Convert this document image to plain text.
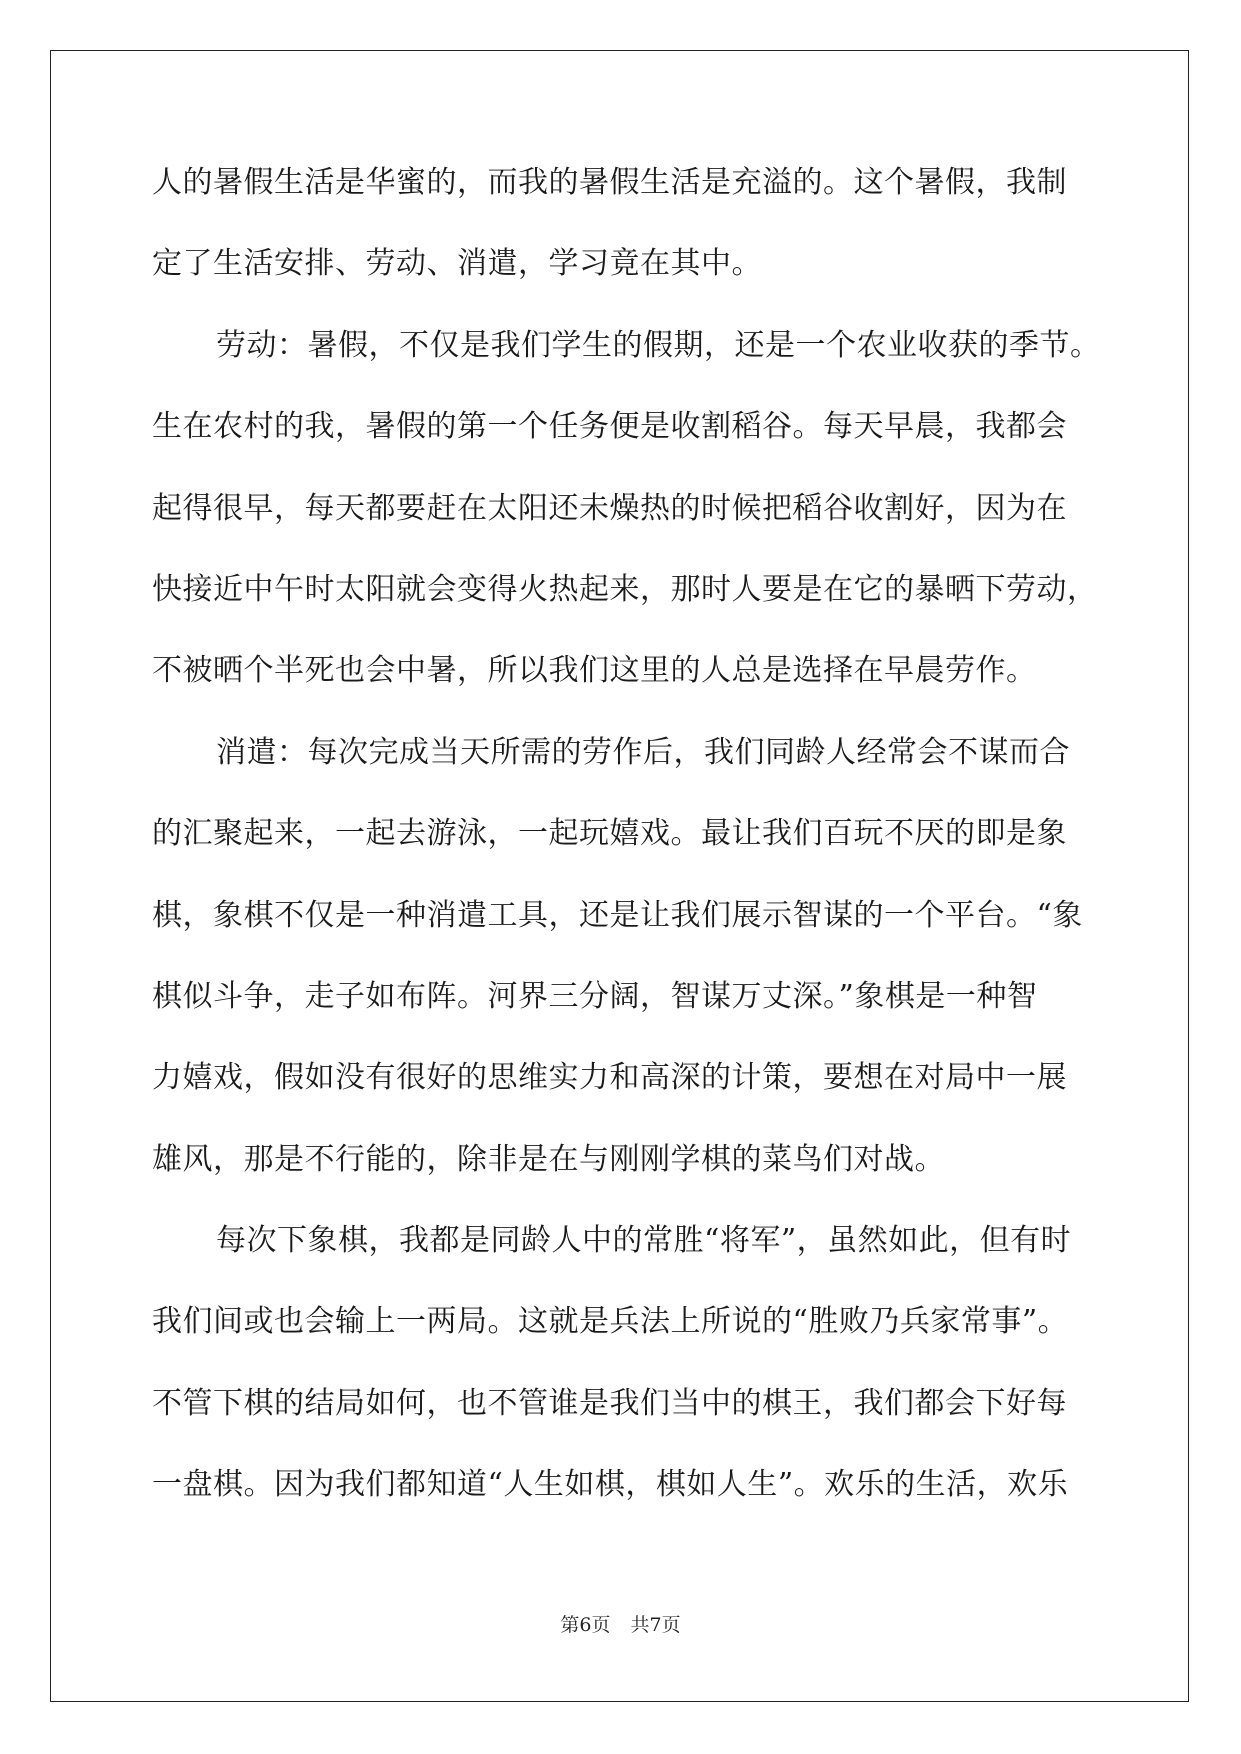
人的暑假生活是华蜜的，而我的暑假生活是充溢的。这个暑假，我制
定了生活安排、劳动、消遣，学习竟在其中。
劳动：暑假，不仅是我们学生的假期，还是一个农业收获的季节。
生在农村的我，暑假的第一个任务便是收割稻谷。每天早晨，我都会
起得很早，每天都要赶在太阳还未燥热的时候把稻谷收割好，因为在
快接近中午时太阳就会变得火热起来，那时人要是在它的暴晒下劳动，
不被晒个半死也会中暑，所以我们这里的人总是选择在早晨劳作。
消遣：每次完成当天所需的劳作后，我们同龄人经常会不谋而合
的汇聚起来，一起去游泳，一起玩嬉戏。最让我们百玩不厌的即是象
棋，象棋不仅是一种消遣工具，还是让我们展示智谋的一个平台。“象
棋似斗争，走子如布阵。河界三分阔，智谋万丈深。”象棋是一种智
力嬉戏，假如没有很好的思维实力和高深的计策，要想在对局中一展
雄风，那是不行能的，除非是在与刚刚学棋的菜鸟们对战。
每次下象棋，我都是同龄人中的常胜“将军”，虽然如此，但有时
我们间或也会输上一两局。这就是兵法上所说的“胜败乃兵家常事”。
不管下棋的结局如何，也不管谁是我们当中的棋王，我们都会下好每
一盘棋。因为我们都知道“人生如棋，棋如人生”。欢乐的生活，欢乐
第6页 共7页
